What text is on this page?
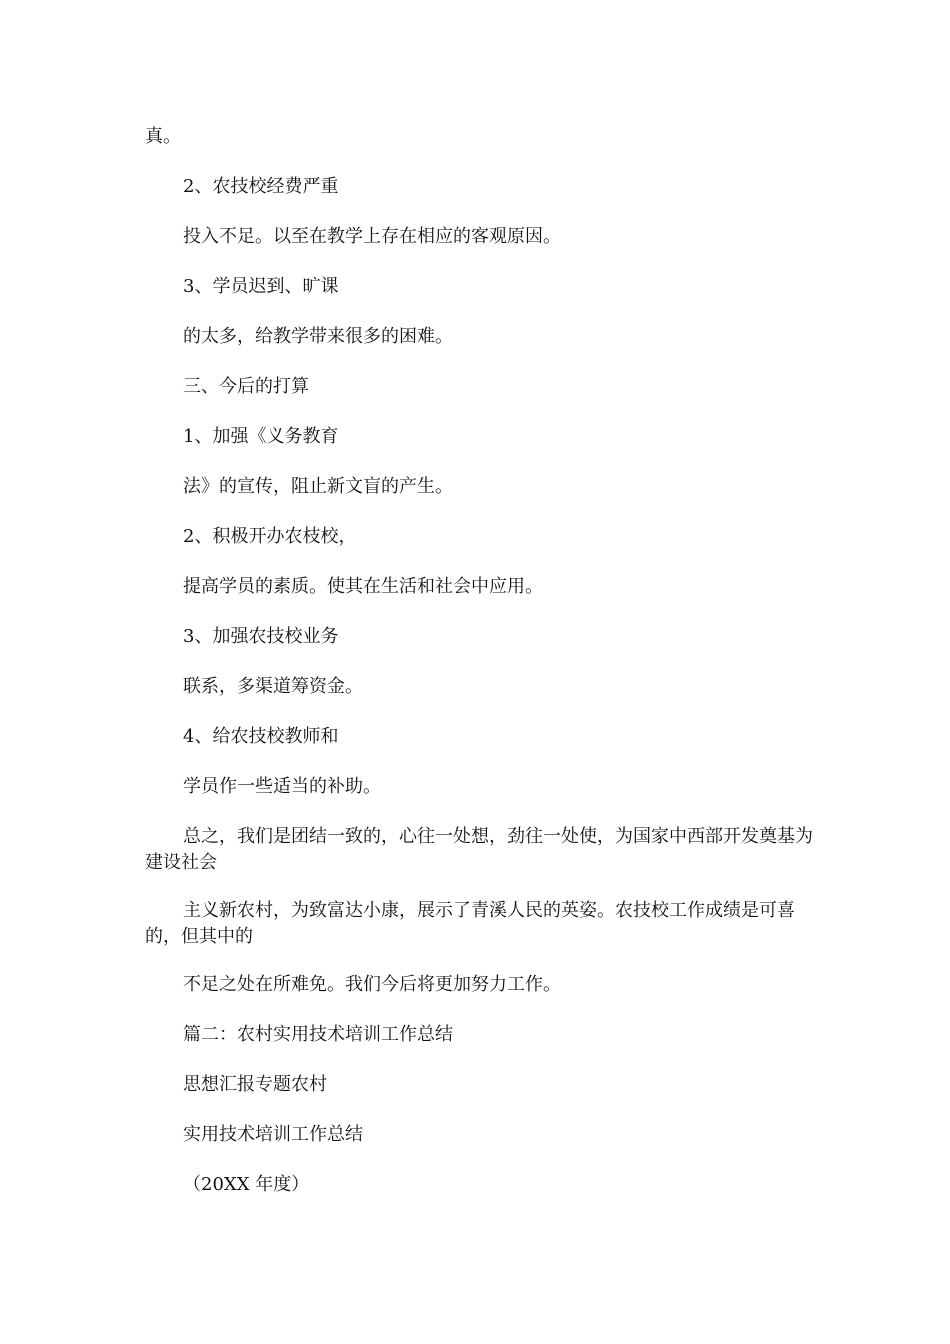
真。
2、农技校经费严重
投入不足。以至在教学上存在相应的客观原因。
3、学员迟到、旷课
的太多，给教学带来很多的困难。
三、今后的打算
1、加强《义务教育
法》的宣传，阻止新文盲的产生。
2、积极开办农枝校，
提高学员的素质。使其在生活和社会中应用。
3、加强农技校业务
联系，多渠道筹资金。
4、给农技校教师和
学员作一些适当的补助。

总之，我们是团结一致的，心往一处想，劲往一处使，为国家中西部开发奠基为建设社会

主义新农村，为致富达小康，展示了青溪人民的英姿。农技校工作成绩是可喜的，但其中的

不足之处在所难免。我们今后将更加努力工作。
篇二：农村实用技术培训工作总结
思想汇报专题农村
实用技术培训工作总结
（20XX 年度）
